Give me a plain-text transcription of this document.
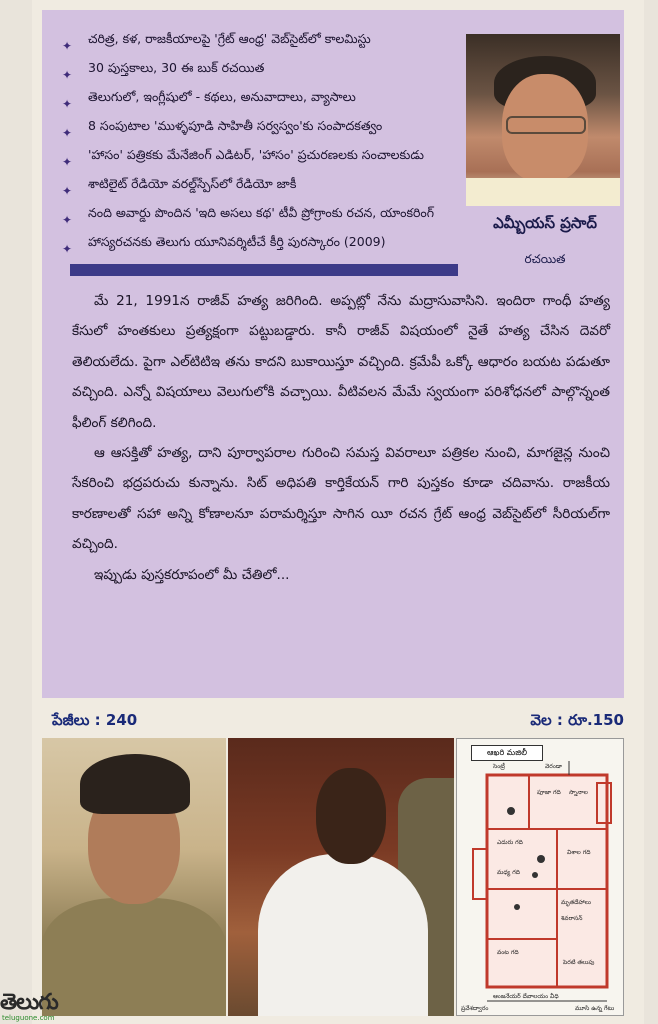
✦ చరిత్ర, కళ, రాజకీయాలపై 'గ్రేట్ ఆంధ్ర' వెబ్‌సైట్‌లో కాలమిస్టు
✦ 30 పుస్తకాలు, 30 ఈ బుక్ రచయిత
✦ తెలుగులో, ఇంగ్లీషులో - కథలు, అనువాదాలు, వ్యాసాలు
✦ 8 సంపుటాల 'ముళ్ళపూడి సాహితీ సర్వస్వం'కు సంపాదకత్వం
✦ 'హాసం' పత్రికకు మేనేజింగ్ ఎడిటర్, 'హాసం' ప్రచురణలకు సంచాలకుడు
✦ శాటిలైట్ రేడియో వరల్డ్‌స్పేస్‌లో రేడియో జాకీ
✦ నంది అవార్డు పొందిన 'ఇది అసలు కథ' టీవీ ప్రోగ్రాంకు రచన, యాంకరింగ్
✦ హాస్యరచనకు తెలుగు యూనివర్శిటీచే కీర్తి పురస్కారం (2009)
ఎమ్బీయస్ ప్రసాద్
రచయిత

మే 21, 1991న రాజీవ్ హత్య జరిగింది. అప్పట్లో నేను మద్రాసువాసిని. ఇందిరా గాంధీ హత్య కేసులో హంతకులు ప్రత్యక్షంగా పట్టుబడ్డారు. కానీ రాజీవ్ విషయంలో నైతే హత్య చేసిన దెవరో తెలియలేదు. పైగా ఎల్‌టిటిఇ తను కాదని బుకాయిస్తూ వచ్చింది. క్రమేపీ ఒక్కో ఆధారం బయట పడుతూ వచ్చింది. ఎన్నో విషయాలు వెలుగులోకి వచ్చాయి. వీటివలన మేమే స్వయంగా పరిశోధనలో పాల్గొన్నంత ఫీలింగ్ కలిగింది.

ఆ ఆసక్తితో హత్య, దాని పూర్వాపరాల గురించి సమస్త వివరాలూ పత్రికల నుంచి, మాగజైన్ల నుంచి సేకరించి భద్రపరుచు కున్నాను. సిట్ అధిపతి కార్తికేయన్ గారి పుస్తకం కూడా చదివాను. రాజకీయ కారణాలతో సహా అన్ని కోణాలనూ పరామర్శిస్తూ సాగిన యీ రచన గ్రేట్ ఆంధ్ర వెబ్‌సైట్‌లో సీరియల్‌గా వచ్చింది.

ఇప్పుడు పుస్తకరూపంలో మీ చేతిలో...

పేజీలు : 240	వెల : రూ.150
ఆఖరి మజిలీ
సెంట్రీ	వెరండా
పూజా గది స్నానాల
విశాల గది
ఎదురు గది
మధ్య గది
మృతదేహాలు
శివరాసన్
వంట గది
పెరటి తలుపు
ప్రవేశద్వారం
ఆంజనేయర్ దేవాలయం వీధి
మూసి ఉన్న గేటు
తెలుగు
teluguone.com
